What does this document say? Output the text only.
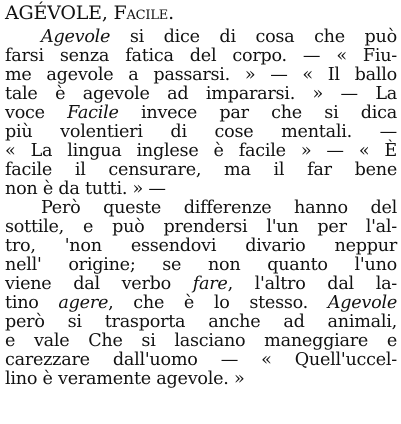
AGÉVOLE, Facile.
Agevole si dice di cosa che può
farsi senza fatica del corpo. — « Fiu-
me agevole a passarsi. » — « Il ballo
tale è agevole ad impararsi. » — La
voce Facile invece par che si dica
più volentieri di cose mentali. —
« La lingua inglese è facile » — « È
facile il censurare, ma il far bene
non è da tutti. » —
Però queste differenze hanno del
sottile, e può prendersi l'un per l'al-
tro, 'non essendovi divario neppur
nell' origine; se non quanto l'uno
viene dal verbo fare, l'altro dal la-
tino agere, che è lo stesso. Agevole
però si trasporta anche ad animali,
e vale Che si lasciano maneggiare e
carezzare dall'uomo — « Quell'uccel-
lino è veramente agevole. »
